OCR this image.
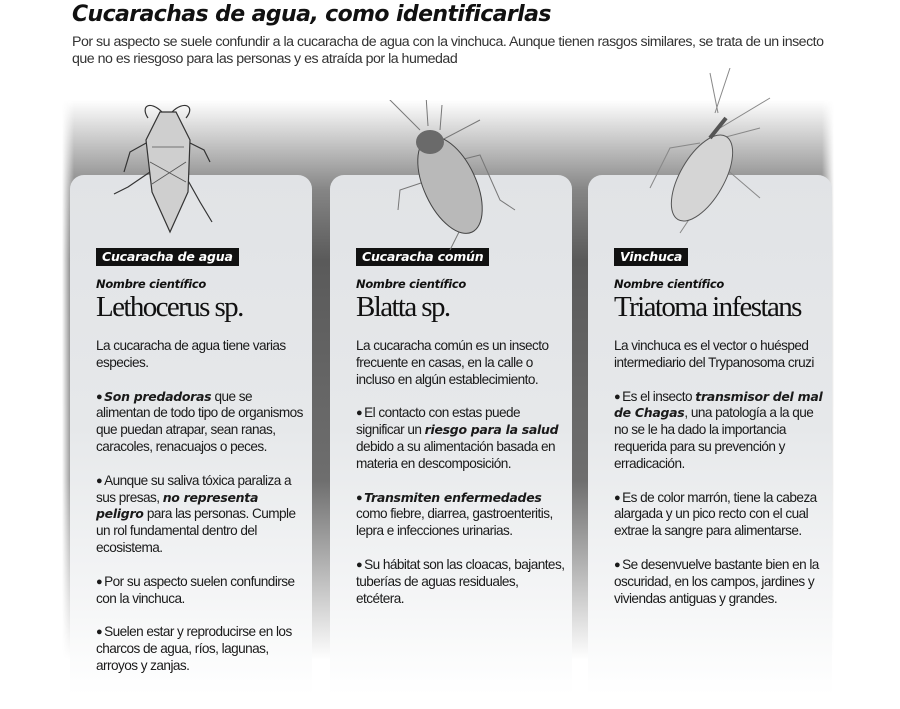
Cucarachas de agua, como identificarlas
Por su aspecto se suele confundir a la cucaracha de agua con la vinchuca. Aunque tienen rasgos similares, se trata de un insecto que no es riesgoso para las personas y es atraída por la humedad
Cucaracha de agua
Nombre científico
Lethocerus sp.

La cucaracha de agua tiene varias especies.

● Son predadoras que se alimentan de todo tipo de organismos que puedan atrapar, sean ranas, caracoles, renacuajos o peces.

● Aunque su saliva tóxica paraliza a sus presas, no representa peligro para las personas. Cumple un rol fundamental dentro del ecosistema.

● Por su aspecto suelen confundirse con la vinchuca.

● Suelen estar y reproducirse en los charcos de agua, ríos, lagunas, arroyos y zanjas.

Cucaracha común
Nombre científico
Blatta sp.

La cucaracha común es un insecto frecuente en casas, en la calle o incluso en algún establecimiento.

● El contacto con estas puede significar un riesgo para la salud debido a su alimentación basada en materia en descomposición.

● Transmiten enfermedades como fiebre, diarrea, gastroenteritis, lepra e infecciones urinarias.

● Su hábitat son las cloacas, bajantes, tuberías de aguas residuales, etcétera.

Vinchuca
Nombre científico
Triatoma infestans

La vinchuca es el vector o huésped intermediario del Trypanosoma cruzi

● Es el insecto transmisor del mal de Chagas, una patología a la que no se le ha dado la importancia requerida para su prevención y erradicación.

● Es de color marrón, tiene la cabeza alargada y un pico recto con el cual extrae la sangre para alimentarse.

● Se desenvuelve bastante bien en la oscuridad, en los campos, jardines y viviendas antiguas y grandes.
